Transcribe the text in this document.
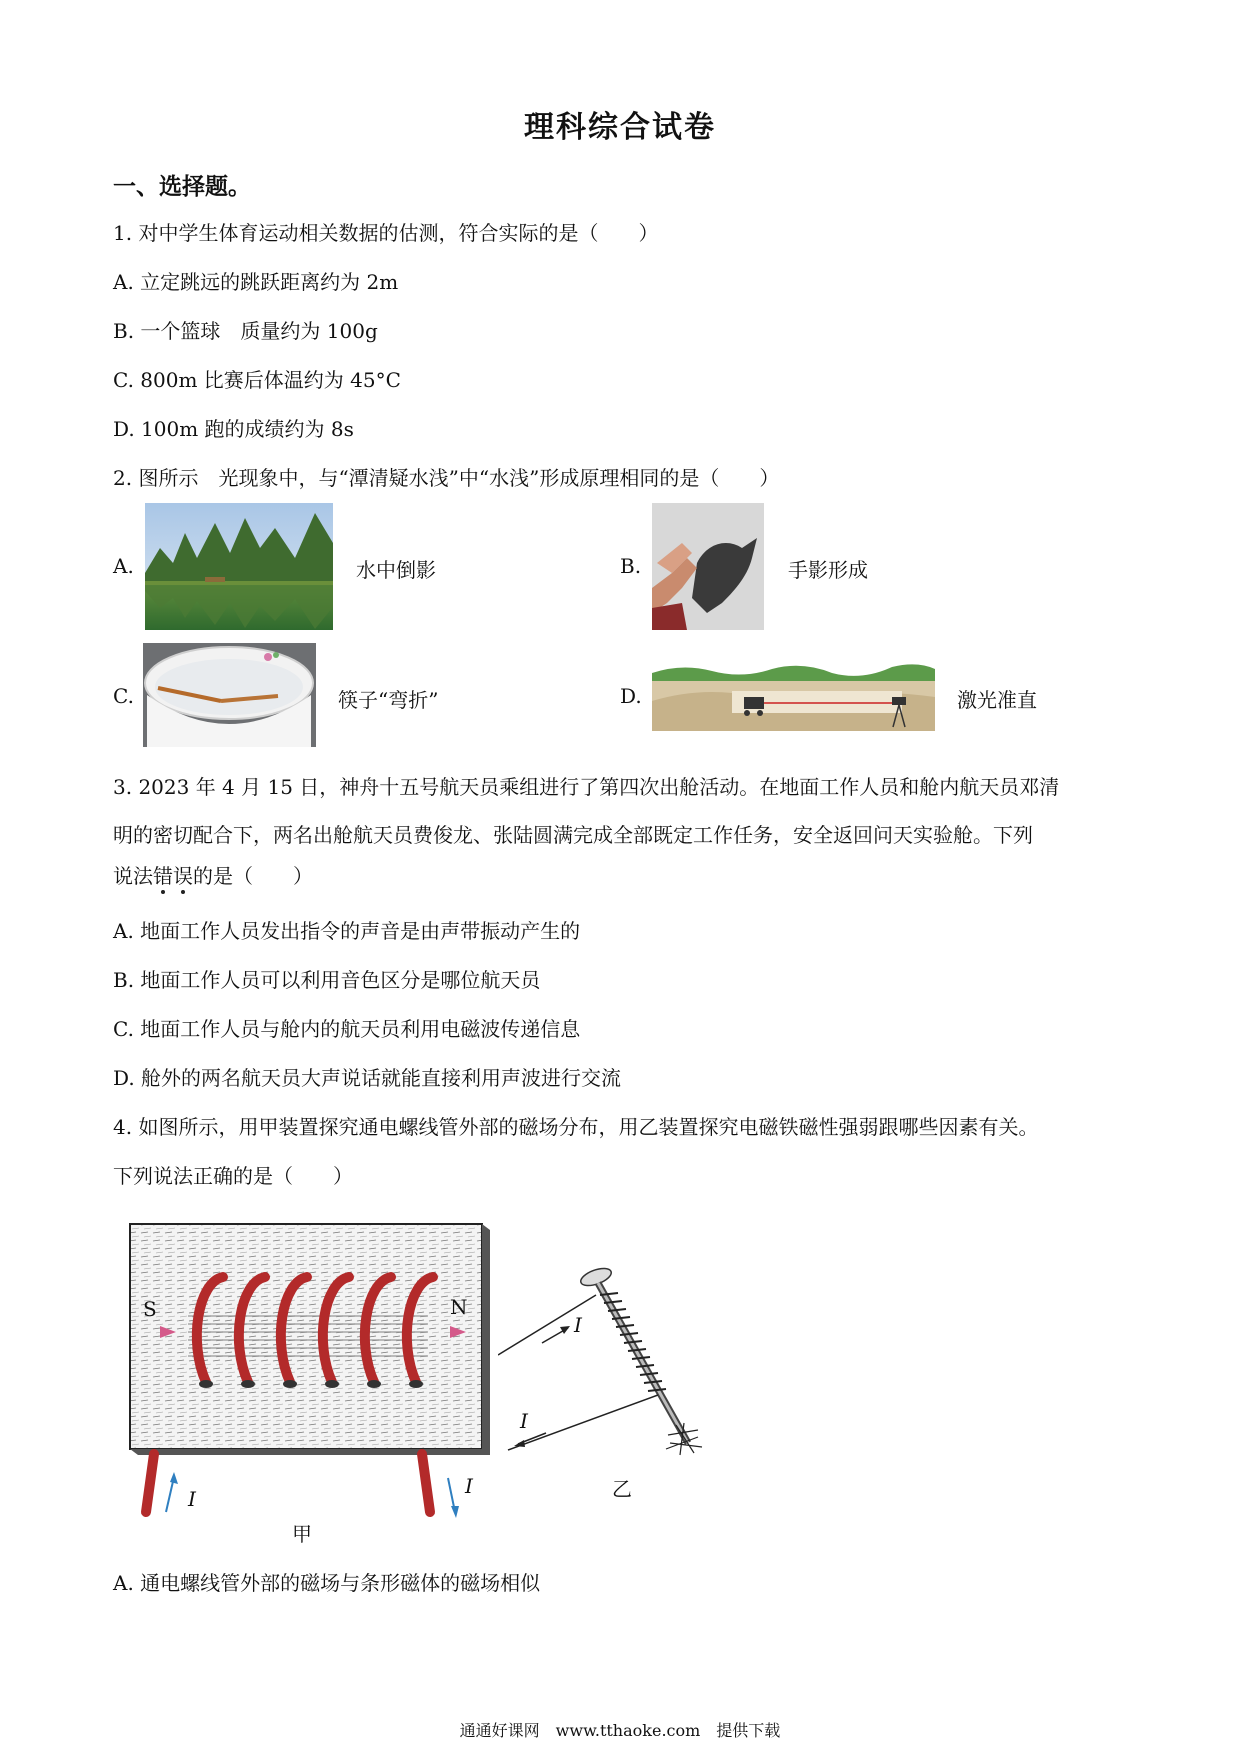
理科综合试卷
一、选择题。
1. 对中学生体育运动相关数据的估测，符合实际的是（　　）
A. 立定跳远的跳跃距离约为 2m
B. 一个篮球　质量约为 100g
C. 800m 比赛后体温约为 45°C
D. 100m 跑的成绩约为 8s
2. 图所示　光现象中，与“潭清疑水浅”中“水浅”形成原理相同的是（　　）
A.	水中倒影	B.	手影形成
C.	筷子“弯折”	D.	激光准直
3. 2023 年 4 月 15 日，神舟十五号航天员乘组进行了第四次出舱活动。在地面工作人员和舱内航天员邓清
明的密切配合下，两名出舱航天员费俊龙、张陆圆满完成全部既定工作任务，安全返回问天实验舱。下列
说法错误
的是（　　）
A. 地面工作人员发出指令的声音是由声带振动产生的
B. 地面工作人员可以利用音色区分是哪位航天员
C. 地面工作人员与舱内的航天员利用电磁波传递信息
D. 舱外的两名航天员大声说话就能直接利用声波进行交流
4. 如图所示，用甲装置探究通电螺线管外部的磁场分布，用乙装置探究电磁铁磁性强弱跟哪些因素有关。
下列说法正确的是（　　）
S	N
I
I
甲
I
I
乙
A. 通电螺线管外部的磁场与条形磁体的磁场相似
通通好课网　www.tthaoke.com　提供下载
